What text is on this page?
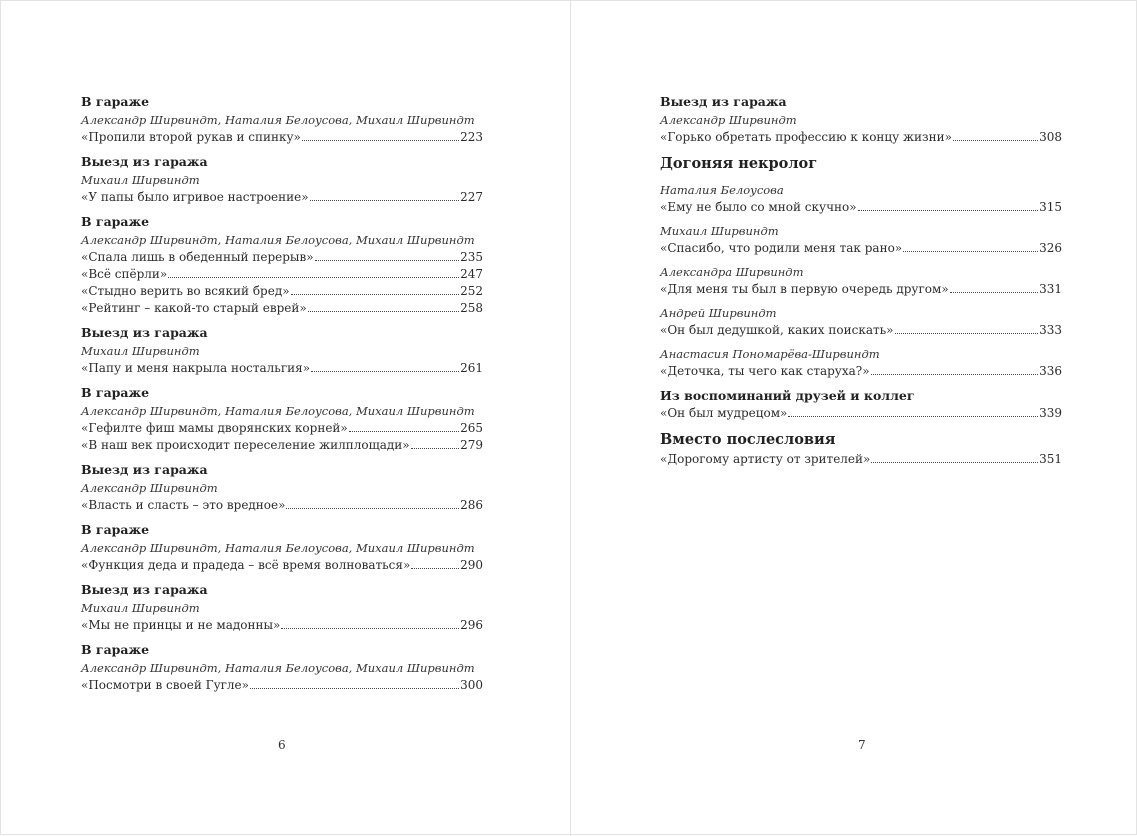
В гараже
Александр Ширвиндт, Наталия Белоусова, Михаил Ширвиндт
«Пропили второй рукав и спинку»	223
Выезд из гаража
Михаил Ширвиндт
«У папы было игривое настроение»	227
В гараже
Александр Ширвиндт, Наталия Белоусова, Михаил Ширвиндт
«Спала лишь в обеденный перерыв»	235
«Всё спёрли»	247
«Стыдно верить во всякий бред»	252
«Рейтинг – какой-то старый еврей»	258
Выезд из гаража
Михаил Ширвиндт
«Папу и меня накрыла ностальгия»	261
В гараже
Александр Ширвиндт, Наталия Белоусова, Михаил Ширвиндт
«Гефилте фиш мамы дворянских корней»	265
«В наш век происходит переселение жилплощади»	279
Выезд из гаража
Александр Ширвиндт
«Власть и сласть – это вредное»	286
В гараже
Александр Ширвиндт, Наталия Белоусова, Михаил Ширвиндт
«Функция деда и прадеда – всё время волноваться»	290
Выезд из гаража
Михаил Ширвиндт
«Мы не принцы и не мадонны»	296
В гараже
Александр Ширвиндт, Наталия Белоусова, Михаил Ширвиндт
«Посмотри в своей Гугле»	300
6
Выезд из гаража
Александр Ширвиндт
«Горько обретать профессию к концу жизни»	308
Догоняя некролог
Наталия Белоусова
«Ему не было со мной скучно»	315
Михаил Ширвиндт
«Спасибо, что родили меня так рано»	326
Александра Ширвиндт
«Для меня ты был в первую очередь другом»	331
Андрей Ширвиндт
«Он был дедушкой, каких поискать»	333
Анастасия Пономарёва-Ширвиндт
«Деточка, ты чего как старуха?»	336
Из воспоминаний друзей и коллег
«Он был мудрецом»	339
Вместо послесловия
«Дорогому артисту от зрителей»	351
7
